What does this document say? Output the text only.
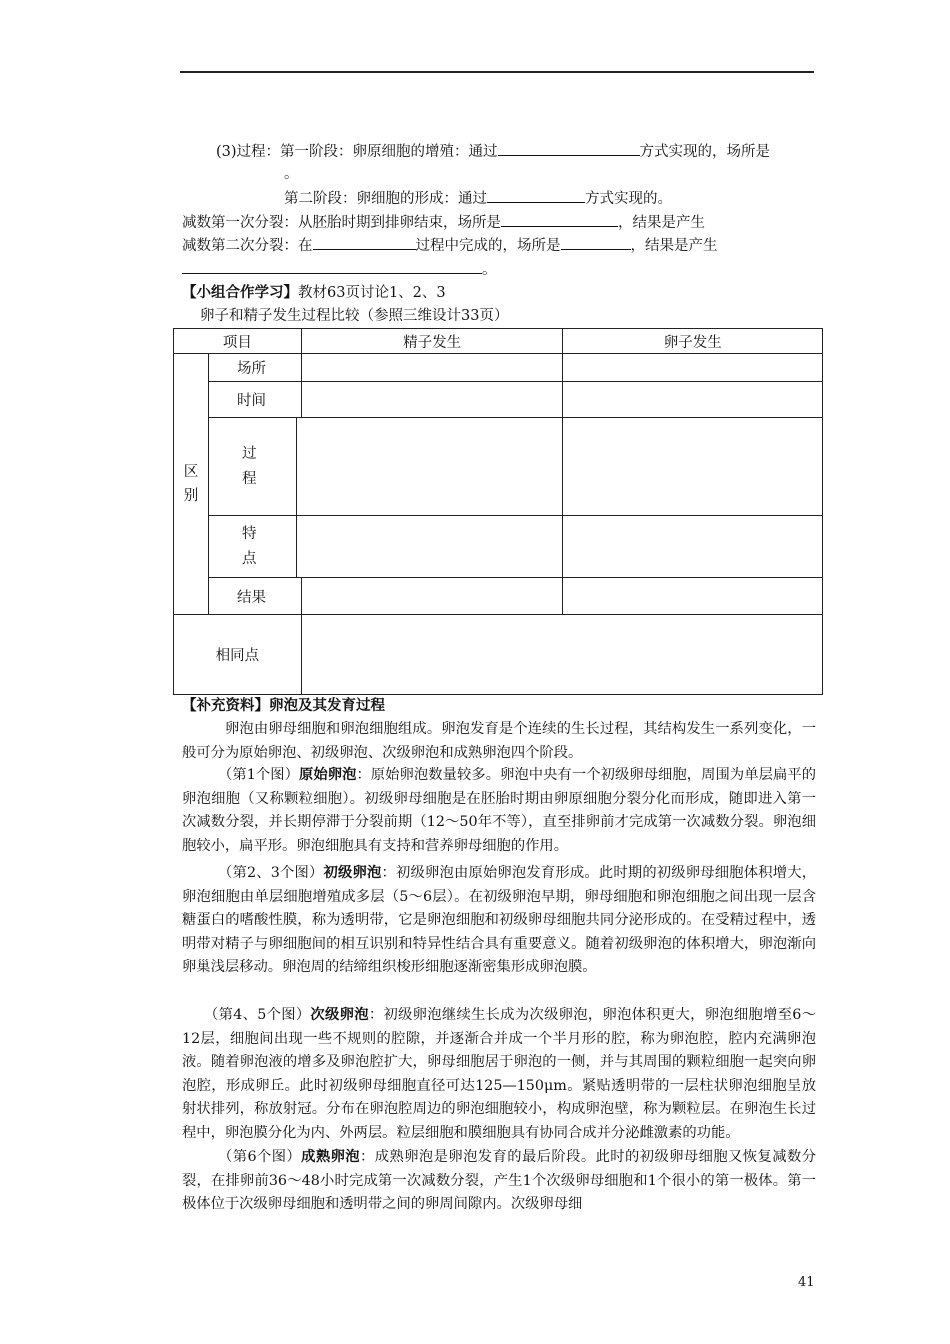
(3)过程：第一阶段：卵原细胞的增殖：通过	方式实现的，场所是
。
第二阶段：卵细胞的形成：通过	方式实现的。
减数第一次分裂：从胚胎时期到排卵结束，场所是	，结果是产生
减数第二次分裂：在	过程中完成的，场所是	，结果是产生
。
【小组合作学习】教材63页讨论1、2、3
卵子和精子发生过程比较（参照三维设计33页）
项目			精子发生	卵子发生
区别	场所			
	时间			
	过程			
	特点			
	结果			
相同点				
【补充资料】卵泡及其发育过程
卵泡由卵母细胞和卵泡细胞组成。卵泡发育是个连续的生长过程，其结构发生一系列变化，一般可分为原始卵泡、初级卵泡、次级卵泡和成熟卵泡四个阶段。
（第1个图）原始卵泡：原始卵泡数量较多。卵泡中央有一个初级卵母细胞，周围为单层扁平的卵泡细胞（又称颗粒细胞）。初级卵母细胞是在胚胎时期由卵原细胞分裂分化而形成，随即进入第一次减数分裂，并长期停滞于分裂前期（12～50年不等），直至排卵前才完成第一次减数分裂。卵泡细胞较小，扁平形。卵泡细胞具有支持和营养卵母细胞的作用。
（第2、3个图）初级卵泡：初级卵泡由原始卵泡发育形成。此时期的初级卵母细胞体积增大，卵泡细胞由单层细胞增殖成多层（5～6层）。在初级卵泡早期，卵母细胞和卵泡细胞之间出现一层含糖蛋白的嗜酸性膜，称为透明带，它是卵泡细胞和初级卵母细胞共同分泌形成的。在受精过程中，透明带对精子与卵细胞间的相互识别和特异性结合具有重要意义。随着初级卵泡的体积增大，卵泡渐向卵巢浅层移动。卵泡周的结缔组织梭形细胞逐渐密集形成卵泡膜。
（第4、5个图）次级卵泡：初级卵泡继续生长成为次级卵泡，卵泡体积更大，卵泡细胞增至6～12层，细胞间出现一些不规则的腔隙，并逐渐合并成一个半月形的腔，称为卵泡腔，腔内充满卵泡液。随着卵泡液的增多及卵泡腔扩大，卵母细胞居于卵泡的一侧，并与其周围的颗粒细胞一起突向卵泡腔，形成卵丘。此时初级卵母细胞直径可达125—150μm。紧贴透明带的一层柱状卵泡细胞呈放射状排列，称放射冠。分布在卵泡腔周边的卵泡细胞较小，构成卵泡壁，称为颗粒层。在卵泡生长过程中，卵泡膜分化为内、外两层。粒层细胞和膜细胞具有协同合成并分泌雌激素的功能。
（第6个图）成熟卵泡：成熟卵泡是卵泡发育的最后阶段。此时的初级卵母细胞又恢复减数分裂，在排卵前36～48小时完成第一次减数分裂，产生1个次级卵母细胞和1个很小的第一极体。第一极体位于次级卵母细胞和透明带之间的卵周间隙内。次级卵母细
41
